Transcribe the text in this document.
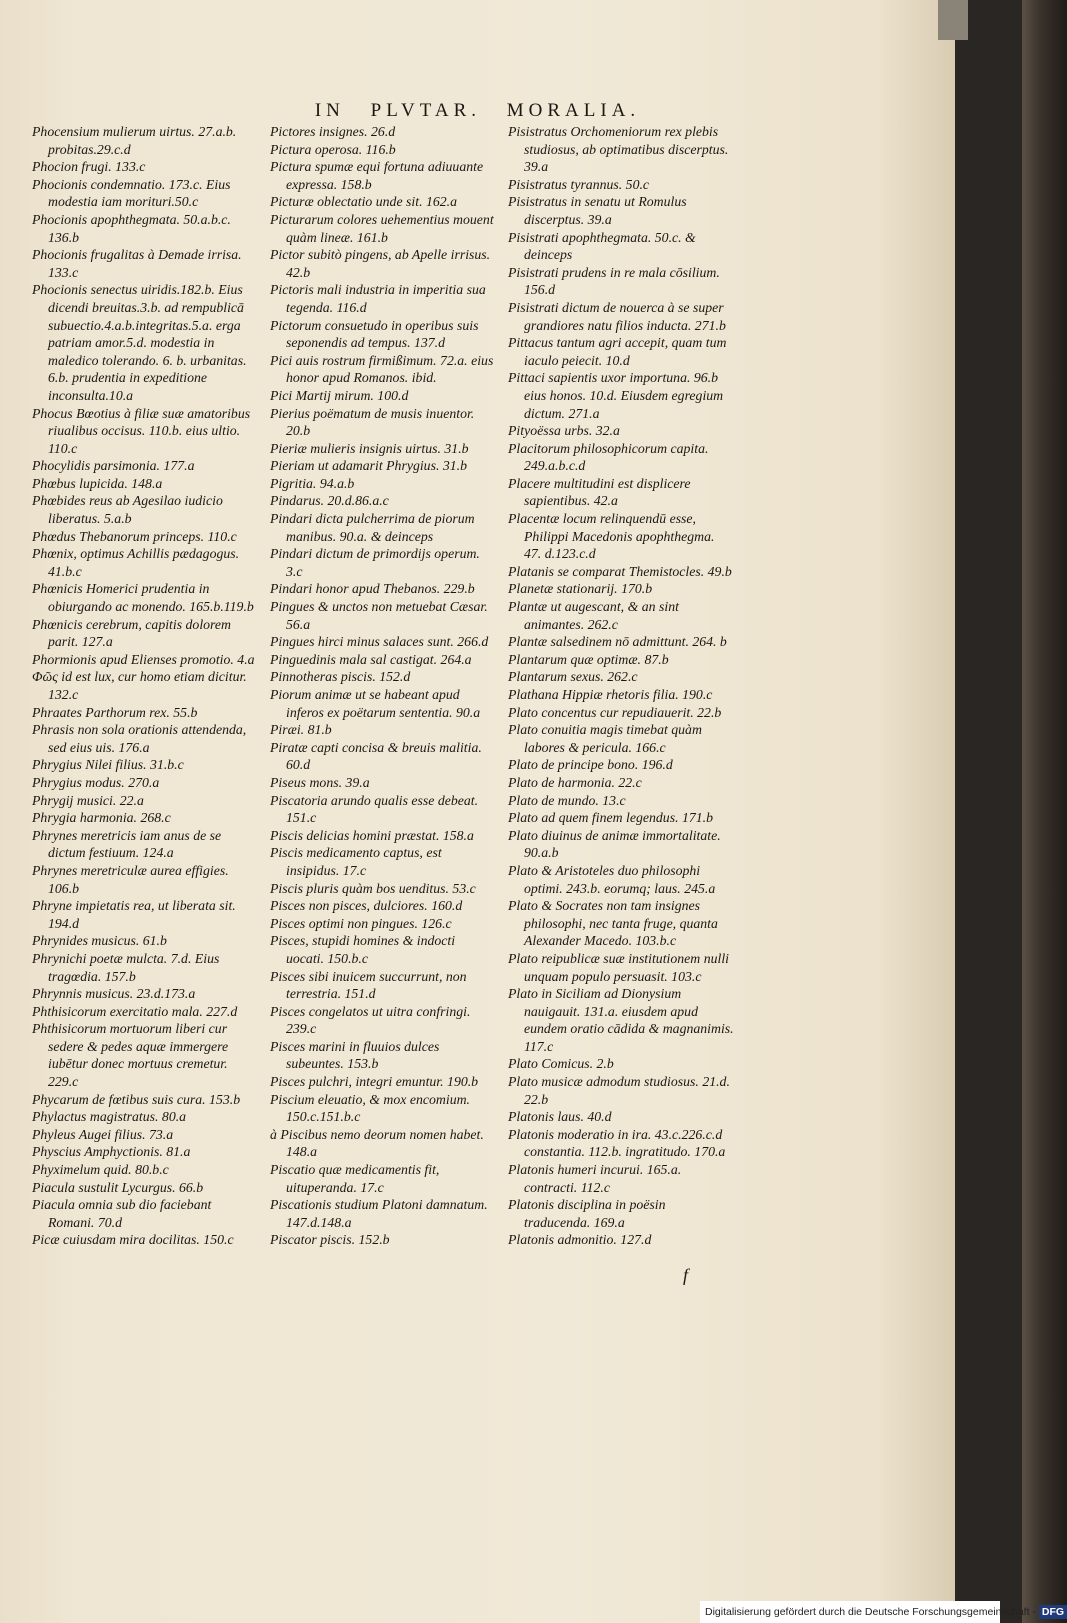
IN PLVTAR. MORALIA.

Phocensium mulierum uirtus. 27.a.b. probitas.29.c.d

Phocion frugi. 133.c

Phocionis condemnatio. 173.c. Eius modestia iam morituri.50.c

Phocionis apophthegmata. 50.a.b.c. 136.b

Phocionis frugalitas à Demade irrisa. 133.c

Phocionis senectus uiridis.182.b. Eius dicendi breuitas.3.b. ad rempublicā subuectio.4.a.b.integritas.5.a. erga patriam amor.5.d. modestia in maledico tolerando. 6. b. urbanitas. 6.b. prudentia in expeditione inconsulta.10.a

Phocus Bœotius à filiæ suæ amatoribus riualibus occisus. 110.b. eius ultio. 110.c

Phocylidis parsimonia. 177.a

Phœbus lupicida. 148.a

Phœbides reus ab Agesilao iudicio liberatus. 5.a.b

Phœdus Thebanorum princeps. 110.c

Phœnix, optimus Achillis pædagogus. 41.b.c

Phœnicis Homerici prudentia in obiurgando ac monendo. 165.b.119.b

Phœnicis cerebrum, capitis dolorem parit. 127.a

Phormionis apud Elienses promotio. 4.a

Φῶς id est lux, cur homo etiam dicitur. 132.c

Phraates Parthorum rex. 55.b

Phrasis non sola orationis attendenda, sed eius uis. 176.a

Phrygius Nilei filius. 31.b.c

Phrygius modus. 270.a

Phrygij musici. 22.a

Phrygia harmonia. 268.c

Phrynes meretricis iam anus de se dictum festiuum. 124.a

Phrynes meretriculæ aurea effigies. 106.b

Phryne impietatis rea, ut liberata sit. 194.d

Phrynides musicus. 61.b

Phrynichi poetæ mulcta. 7.d. Eius tragœdia. 157.b

Phrynnis musicus. 23.d.173.a

Phthisicorum exercitatio mala. 227.d

Phthisicorum mortuorum liberi cur sedere & pedes aquæ immergere iubētur donec mortuus cremetur. 229.c

Phycarum de fœtibus suis cura. 153.b

Phylactus magistratus. 80.a

Phyleus Augei filius. 73.a

Physcius Amphyctionis. 81.a

Phyximelum quid. 80.b.c

Piacula sustulit Lycurgus. 66.b

Piacula omnia sub dio faciebant Romani. 70.d

Picæ cuiusdam mira docilitas. 150.c

Pictores insignes. 26.d

Pictura operosa. 116.b

Pictura spumæ equi fortuna adiuuante expressa. 158.b

Picturæ oblectatio unde sit. 162.a

Picturarum colores uehementius mouent quàm lineæ. 161.b

Pictor subitò pingens, ab Apelle irrisus. 42.b

Pictoris mali industria in imperitia sua tegenda. 116.d

Pictorum consuetudo in operibus suis seponendis ad tempus. 137.d

Pici auis rostrum firmißimum. 72.a. eius honor apud Romanos. ibid.

Pici Martij mirum. 100.d

Pierius poëmatum de musis inuentor. 20.b

Pieriæ mulieris insignis uirtus. 31.b

Pieriam ut adamarit Phrygius. 31.b

Pigritia. 94.a.b

Pindarus. 20.d.86.a.c

Pindari dicta pulcherrima de piorum manibus. 90.a. & deinceps

Pindari dictum de primordijs operum. 3.c

Pindari honor apud Thebanos. 229.b

Pingues & unctos non metuebat Cæsar. 56.a

Pingues hirci minus salaces sunt. 266.d

Pinguedinis mala sal castigat. 264.a

Pinnotheras piscis. 152.d

Piorum animæ ut se habeant apud inferos ex poëtarum sententia. 90.a

Piræi. 81.b

Piratæ capti concisa & breuis malitia. 60.d

Piseus mons. 39.a

Piscatoria arundo qualis esse debeat. 151.c

Piscis delicias homini præstat. 158.a

Piscis medicamento captus, est insipidus. 17.c

Piscis pluris quàm bos uenditus. 53.c

Pisces non pisces, dulciores. 160.d

Pisces optimi non pingues. 126.c

Pisces, stupidi homines & indocti uocati. 150.b.c

Pisces sibi inuicem succurrunt, non terrestria. 151.d

Pisces congelatos ut uitra confringi. 239.c

Pisces marini in fluuios dulces subeuntes. 153.b

Pisces pulchri, integri emuntur. 190.b

Piscium eleuatio, & mox encomium. 150.c.151.b.c

à Piscibus nemo deorum nomen habet. 148.a

Piscatio quæ medicamentis fit, uituperanda. 17.c

Piscationis studium Platoni damnatum. 147.d.148.a

Piscator piscis. 152.b

Pisistratus Orchomeniorum rex plebis studiosus, ab optimatibus discerptus. 39.a

Pisistratus tyrannus. 50.c

Pisistratus in senatu ut Romulus discerptus. 39.a

Pisistrati apophthegmata. 50.c. & deinceps

Pisistrati prudens in re mala cōsilium. 156.d

Pisistrati dictum de nouerca à se super grandiores natu filios inducta. 271.b

Pittacus tantum agri accepit, quam tum iaculo peiecit. 10.d

Pittaci sapientis uxor importuna. 96.b eius honos. 10.d. Eiusdem egregium dictum. 271.a

Pityoëssa urbs. 32.a

Placitorum philosophicorum capita. 249.a.b.c.d

Placere multitudini est displicere sapientibus. 42.a

Placentæ locum relinquendū esse, Philippi Macedonis apophthegma. 47. d.123.c.d

Platanis se comparat Themistocles. 49.b

Planetæ stationarij. 170.b

Plantæ ut augescant, & an sint animantes. 262.c

Plantæ salsedinem nō admittunt. 264. b

Plantarum quæ optimæ. 87.b

Plantarum sexus. 262.c

Plathana Hippiæ rhetoris filia. 190.c

Plato concentus cur repudiauerit. 22.b

Plato conuitia magis timebat quàm labores & pericula. 166.c

Plato de principe bono. 196.d

Plato de harmonia. 22.c

Plato de mundo. 13.c

Plato ad quem finem legendus. 171.b

Plato diuinus de animæ immortalitate. 90.a.b

Plato & Aristoteles duo philosophi optimi. 243.b. eorumq; laus. 245.a

Plato & Socrates non tam insignes philosophi, nec tanta fruge, quanta Alexander Macedo. 103.b.c

Plato reipublicæ suæ institutionem nulli unquam populo persuasit. 103.c

Plato in Siciliam ad Dionysium nauigauit. 131.a. eiusdem apud eundem oratio cādida & magnanimis. 117.c

Plato Comicus. 2.b

Plato musicæ admodum studiosus. 21.d. 22.b

Platonis laus. 40.d

Platonis moderatio in ira. 43.c.226.c.d constantia. 112.b. ingratitudo. 170.a

Platonis humeri incurui. 165.a. contracti. 112.c

Platonis disciplina in poësin traducenda. 169.a

Platonis admonitio. 127.d

f
Digitalisierung gefördert durch die Deutsche Forschungsgemeinschaft - DFG
